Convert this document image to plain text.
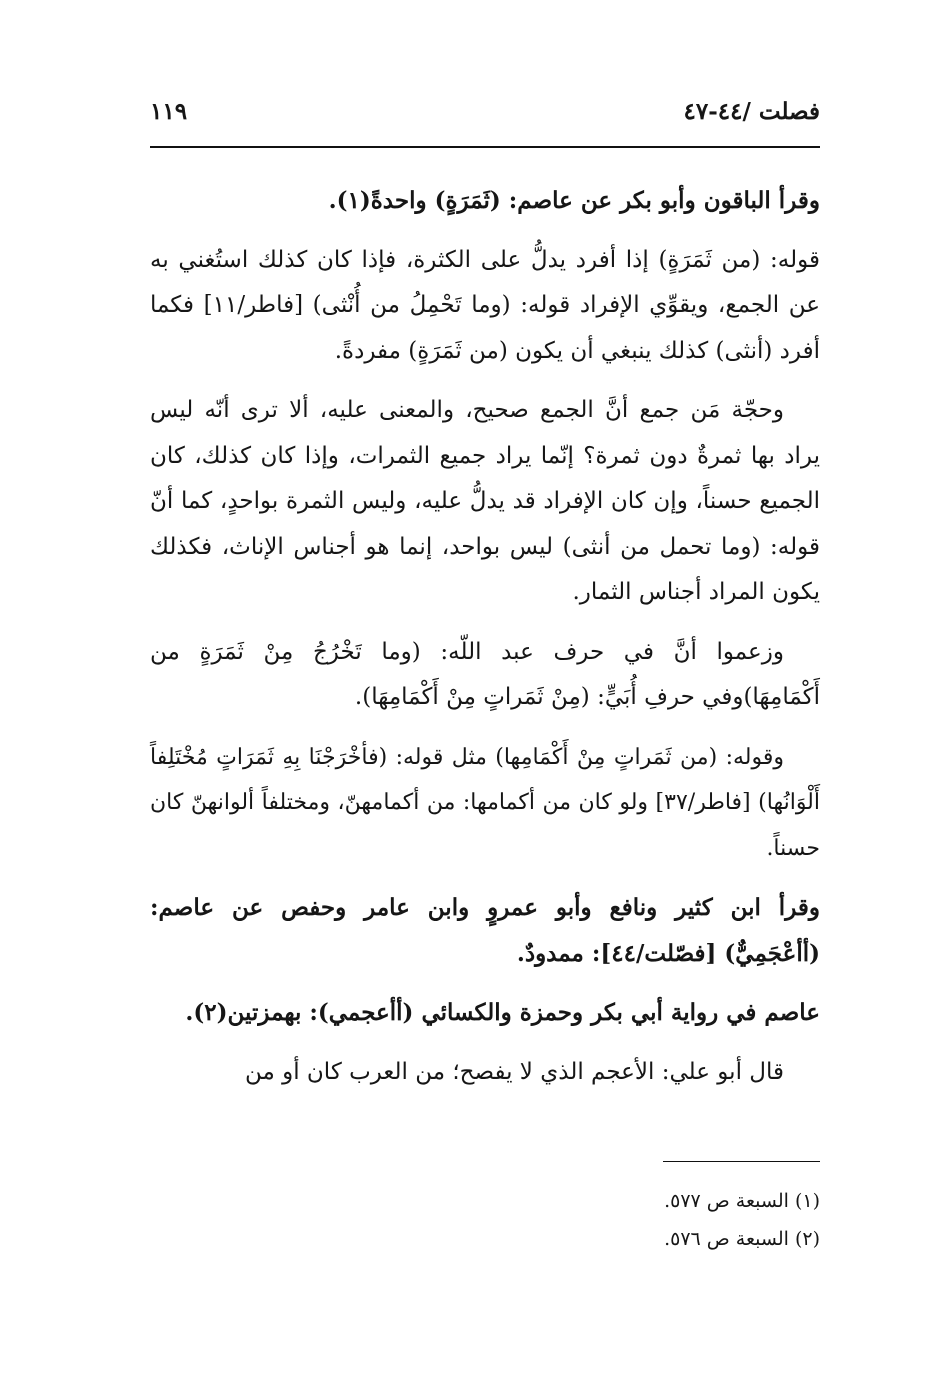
فصلت /٤٤-٤٧
١١٩

وقرأ الباقون وأبو بكر عن عاصم: (ثَمَرَةٍ) واحدةً(١).

قوله: (من ثَمَرَةٍ) إذا أفرد يدلُّ على الكثرة، فإذا كان كذلك استُغني به عن الجمع، ويقوِّي الإفراد قوله: (وما تَحْمِلُ من أُنْثى) [فاطر/١١] فكما أفرد (أنثى) كذلك ينبغي أن يكون (من ثَمَرَةٍ) مفردةً.

وحجّة مَن جمع أنَّ الجمع صحيح، والمعنى عليه، ألا ترى أنّه ليس يراد بها ثمرةٌ دون ثمرة؟ إنّما يراد جميع الثمرات، وإذا كان كذلك، كان الجميع حسناً، وإن كان الإفراد قد يدلُّ عليه، وليس الثمرة بواحدٍ، كما أنّ قوله: (وما تحمل من أنثى) ليس بواحد، إنما هو أجناس الإناث، فكذلك يكون المراد أجناس الثمار.

وزعموا أنَّ في حرف عبد اللّه: (وما تَخْرُجُ مِنْ ثَمَرَةٍ من أَكْمَامِهَا)وفي حرفِ أُبَيٍّ: (مِنْ ثَمَراتٍ مِنْ أَكْمَامِهَا).

وقوله: (من ثَمَراتٍ مِنْ أَكْمَامِها) مثل قوله: (فأخْرَجْنَا بِهِ ثَمَرَاتٍ مُخْتَلِفاً أَلْوَانُها) [فاطر/٣٧] ولو كان من أكمامها: من أكمامهنّ، ومختلفاً ألوانهنّ كان حسناً.

وقرأ ابن كثير ونافع وأبو عمروٍ وابن عامر وحفص عن عاصم: (أأعْجَمِيٌّ) [فصّلت/٤٤]: ممدودٌ.

عاصم في رواية أبي بكر وحمزة والكسائي (أأعجمي): بهمزتين(٢).

قال أبو علي: الأعجم الذي لا يفصح؛ من العرب كان أو من

(١) السبعة ص ٥٧٧.
(٢) السبعة ص ٥٧٦.
